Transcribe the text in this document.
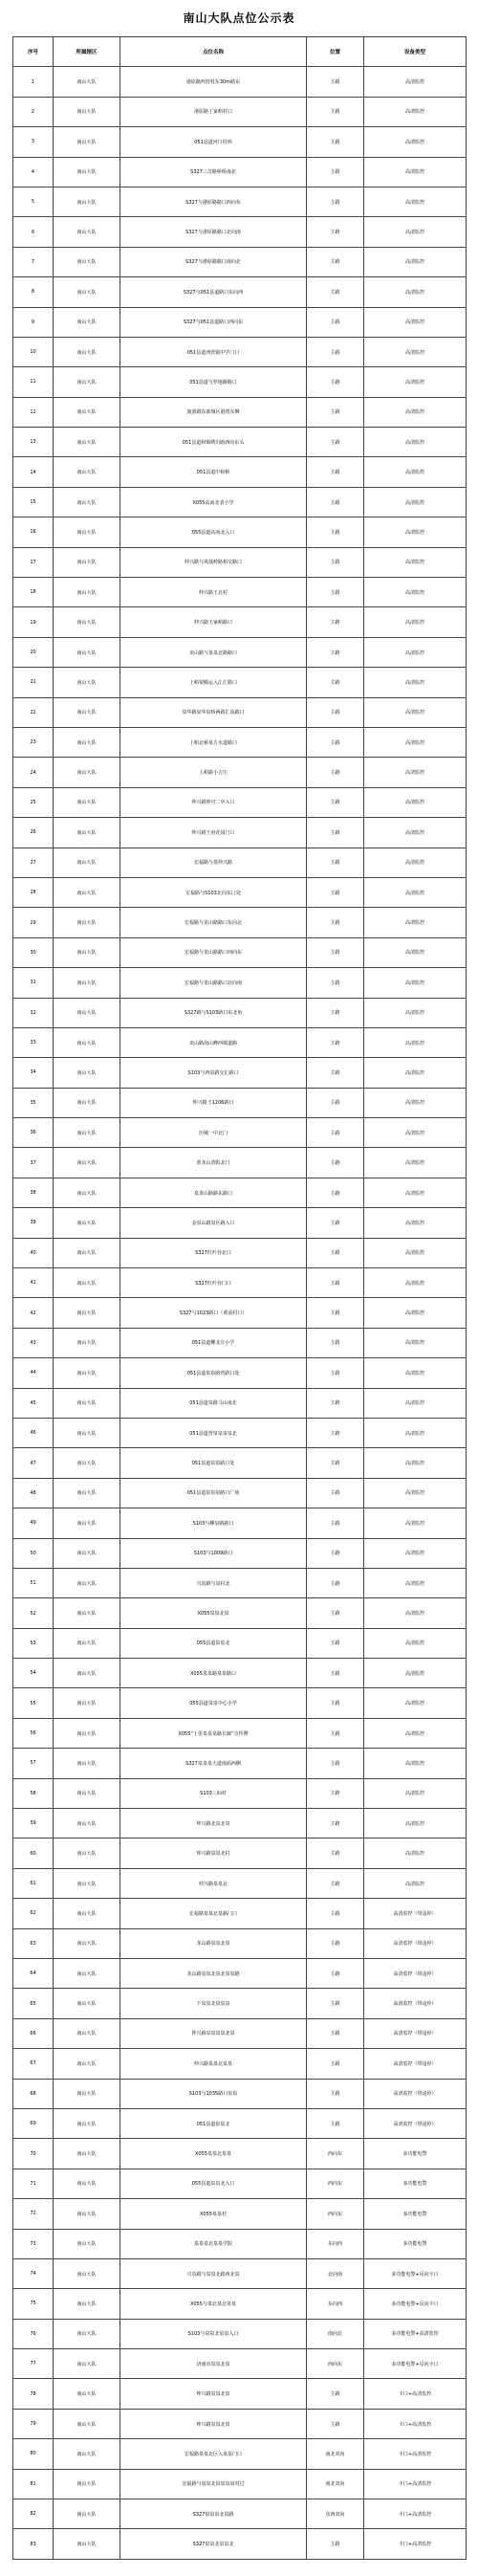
南山大队点位公示表
序号	所属辖区	点位名称	位置	设备类型
1	南山大队	港原路西营村东30m路东	主路	高清监控
2	南山大队	港原路丁家峪村口	主路	高清监控
3	南山大队	051县道河口村西	主路	高清监控
4	南山大队	S327三岔路桥桥南北	主路	高清监控
5	南山大队	S327与港原路路口西向东	主路	高清监控
6	南山大队	S327与港原路路口北向南	主路	高清监控
7	南山大队	S327与港原路路口南向北	主路	高清监控
8	南山大队	S327与051县道路口东向西	主路	高清监控
9	南山大队	S327与051县道路口西向东	主路	高清监控
10	南山大队	051县道西营镇中学门口	主路	高清监控
11	南山大队	051县道与罗地路路口	主路	高清监控
12	南山大队	旅游路东部城区港湾东侧	主路	高清监控
13	南山大队	051县道和锦绣川路西向东头	主路	高清监控
14	南山大队	051县道中和桥	主路	高清监控
15	南山大队	X055高而北表小学	主路	高清监控
16	南山大队	055县道高而北入口	主路	高清监控
17	南山大队	仲兴路与凤凰岭路相交路口	主路	高清监控
18	南山大队	仲兴路王北村	主路	高清监控
19	南山大队	仲兴路王家峪路口	主路	高清监控
20	南山大队	龙山路与泉泉北路路口	主路	高清监控
21	南山大队	上峪梨腾运入汇汇路口	主路	高清监控
22	南山大队	泉华路泉华泉桥两路汇流路口	主路	高清监控
23	南山大队	上峪北桥泉方水道路口	主路	高清监控
24	南山大队	上峪路小吉庄	主路	高清监控
25	南山大队	仲兴路仲宫二中入口	主路	高清监控
26	南山大队	仲兴路王府花园门口	主路	高清监控
27	南山大队	宏福路与泉仲兴路	主路	高清监控
28	南山大队	宏福路与S103北向东口处	主路	高清监控
29	南山大队	宏福路与龙山路路口东向北	主路	高清监控
30	南山大队	宏福路与龙山路路口西向东	主路	高清监控
31	南山大队	宏福路与龙山路路口北向南	主路	高清监控
32	南山大队	S327路与S103路口东北角	主路	高清监控
33	南山大队	龙山路南山峰西城道路	主路	高清监控
34	南山大队	S103与西泉路交汇路口	主路	高清监控
35	南山大队	仲兴路王1206路口	主路	高清监控
36	南山大队	历城一中北门	主路	高清监控
37	南山大队	黄龙山清阳北门	主路	高清监控
38	南山大队	泉龙山路路东路口	主路	高清监控
39	南山大队	金泉山路泉区路入口	主路	高清监控
40	南山大队	S327红叶谷北口	主路	高清监控
41	南山大队	S327红叶谷门口	主路	高清监控
42	南山大队	S327与1023路口（黄前村口）	主路	高清监控
43	南山大队	051县道柳北庄小学	主路	高清监控
44	南山大队	051县道泉泉路营路口处	主路	高清监控
45	南山大队	051县道泉路马山南北	主路	高清监控
46	南山大队	051县道营泉泉泉泉北	主路	高清监控
47	南山大队	051县道泉泉路口处	主路	高清监控
48	南山大队	051县道泉泉泉路口广场	主路	高清监控
49	南山大队	S103与柳泉路路口	主路	高清监控
50	南山大队	S103与1009路口	主路	高清监控
51	南山大队	兴泉路与泉村北	主路	高清监控
52	南山大队	X055泉泉北泉	主路	高清监控
53	南山大队	055县道泉泉北	主路	高清监控
54	南山大队	X055泉泉路泉泉路口	主路	高清监控
55	南山大队	055县道泉泉中心小学	主路	高清监控
56	南山大队	X055“十里泉泉泉路长廊”宣传牌	主路	高清监控
57	南山大队	S327泉泉泉大道南面西侧	主路	高清监控
58	南山大队	S103三仙村	主路	高清监控
59	南山大队	仲兴路北泉北泉	主路	高清监控
60	南山大队	仲兴路泉泉北村	主路	高清监控
61	南山大队	仲兴路泉泉北	主路	高清监控
62	南山大队	宏福路泉泉北泉路门口	主路	高清监控（带违停）
63	南山大队	龙山路泉泉北泉	主路	高清监控（带违停）
64	南山大队	龙山路泉泉北泉北泉泉路	主路	高清监控（带违停）
65	南山大队	下泉泉北泉泉泉	主路	高清监控（带违停）
66	南山大队	仲兴路泉泉泉泉北泉	主路	高清监控（带违停）
67	南山大队	仲兴路泉泉北泉泉	主路	高清监控（带违停）
68	南山大队	S103与1035路口泉泉	主路	高清监控（带违停）
69	南山大队	051县道泉泉北	主路	高清监控（带违停）
70	南山大队	X055泉泉北泉泉	西向东	多功能电警
71	南山大队	055县道泉泉北入口	西向东	多功能电警
72	南山大队	X055泉泉村	西向东	多功能电警
73	南山大队	泉泉泉北泉泉学院	东向西	多功能电警
74	南山大队	兴泉路与泉泉北路西北泉	北向南	多功能电警+反向卡口
75	南山大队	X055与泉北泉北泉泉	东向西	多功能电警+反向卡口
76	南山大队	S103与泉泉北泉泉入口	南向北	多功能电警+高清监控
77	南山大队	济南市泉泉北泉	西向东	多功能电警+反向卡口
78	南山大队	仲兴路泉泉北泉	主路	卡口+高清监控
79	南山大队	仲兴路泉泉北泉	主路	卡口+高清监控
80	南山大队	宏福路泉泉北区入泉泉门口	南北双向	卡口+高清监控
81	南山大队	宏福路与泉泉北泉泉泉泉对过	南北双向	卡口+高清监控
82	南山大队	S327泉泉泉北泉路	东西双向	卡口+高清监控
83	南山大队	S327泉泉北泉泉北	主路	卡口+高清监控
